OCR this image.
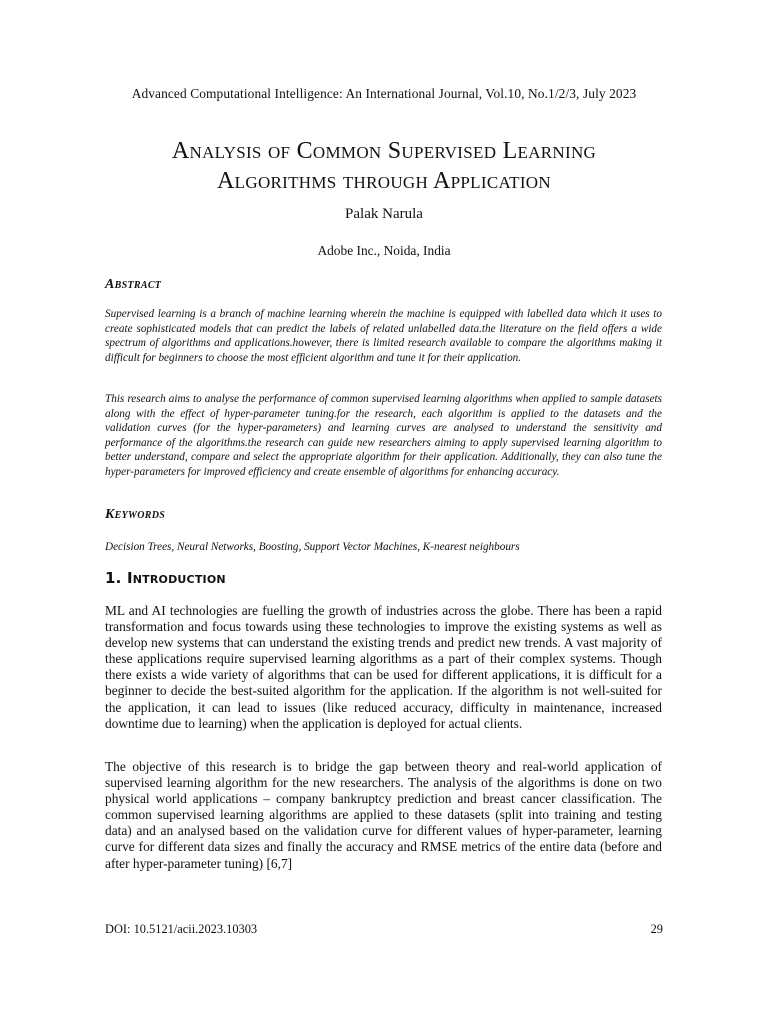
Advanced Computational Intelligence: An International Journal, Vol.10, No.1/2/3, July 2023
Analysis of Common Supervised Learning
Algorithms through Application
Palak Narula
Adobe Inc., Noida, India
Abstract

Supervised learning is a branch of machine learning wherein the machine is equipped with labelled data which it uses to create sophisticated models that can predict the labels of related unlabelled data.the literature on the field offers a wide spectrum of algorithms and applications.however, there is limited research available to compare the algorithms making it difficult for beginners to choose the most efficient algorithm and tune it for their application.

This research aims to analyse the performance of common supervised learning algorithms when applied to sample datasets along with the effect of hyper-parameter tuning.for the research, each algorithm is applied to the datasets and the validation curves (for the hyper-parameters) and learning curves are analysed to understand the sensitivity and performance of the algorithms.the research can guide new researchers aiming to apply supervised learning algorithm to better understand, compare and select the appropriate algorithm for their application. Additionally, they can also tune the hyper-parameters for improved efficiency and create ensemble of algorithms for enhancing accuracy.

Keywords

Decision Trees, Neural Networks, Boosting, Support Vector Machines, K-nearest neighbours

1. Introduction

ML and AI technologies are fuelling the growth of industries across the globe. There has been a rapid transformation and focus towards using these technologies to improve the existing systems as well as develop new systems that can understand the existing trends and predict new trends. A vast majority of these applications require supervised learning algorithms as a part of their complex systems. Though there exists a wide variety of algorithms that can be used for different applications, it is difficult for a beginner to decide the best-suited algorithm for the application. If the algorithm is not well-suited for the application, it can lead to issues (like reduced accuracy, difficulty in maintenance, increased downtime due to learning) when the application is deployed for actual clients.

The objective of this research is to bridge the gap between theory and real-world application of supervised learning algorithm for the new researchers. The analysis of the algorithms is done on two physical world applications – company bankruptcy prediction and breast cancer classification. The common supervised learning algorithms are applied to these datasets (split into training and testing data) and an analysed based on the validation curve for different values of hyper-parameter, learning curve for different data sizes and finally the accuracy and RMSE metrics of the entire data (before and after hyper-parameter tuning) [6,7]

DOI: 10.5121/acii.2023.10303	29
